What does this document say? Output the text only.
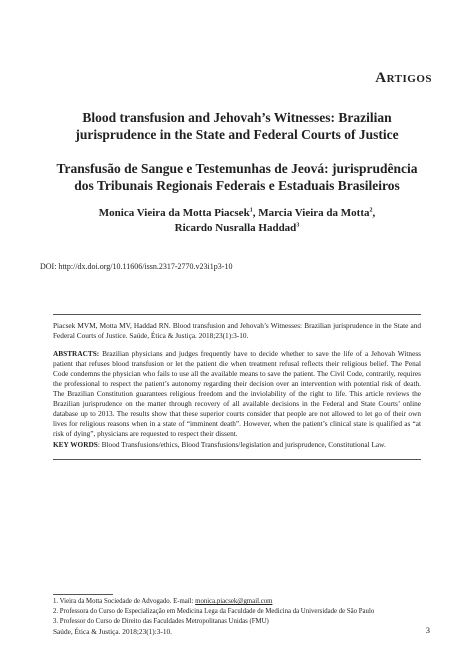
Artigos
Blood transfusion and Jehovah’s Witnesses: Brazilian
jurisprudence in the State and Federal Courts of Justice
Transfusão de Sangue e Testemunhas de Jeová: jurisprudência
dos Tribunais Regionais Federais e Estaduais Brasileiros
Monica Vieira da Motta Piacsek$^1$, Marcia Vieira da Motta$^2$,
Ricardo Nusralla Haddad$^3$
DOI: http://dx.doi.org/10.11606/issn.2317-2770.v23i1p3-10
Piacsek MVM, Motta MV, Haddad RN. Blood transfusion and Jehovah’s Witnesses: Brazilian jurisprudence in the State and Federal Courts of Justice. Saúde, Ética & Justiça. 2018;23(1):3-10.
ABSTRACTS: Brazilian physicians and judges frequently have to decide whether to save the life of a Jehovah Witness patient that refuses blood transfusion or let the patient die when treatment refusal reflects their religious belief. The Penal Code condemns the physician who fails to use all the available means to save the patient. The Civil Code, contrarily, requires the professional to respect the patient’s autonomy regarding their decision over an intervention with potential risk of death. The Brazilian Constitution guarantees religious freedom and the inviolability of the right to life. This article reviews the Brazilian jurisprudence on the matter through recovery of all available decisions in the Federal and State Courts’ online database up to 2013. The results show that these superior courts consider that people are not allowed to let go of their own lives for religious reasons when in a state of “imminent death”. However, when the patient’s clinical state is qualified as “at risk of dying”, physicians are requested to respect their dissent.
KEY WORDS: Blood Transfusions/ethics, Blood Transfusions/legislation and jurisprudence, Constitutional Law.
1. Vieira da Motta Sociedade de Advogado. E-mail: monica.piacsek@gmail.com
2. Professora do Curso de Especialização em Medicina Lega da Faculdade de Medicina da Universidade de São Paulo
3. Professor do Curso de Direito das Faculdades Metropolitanas Unidas (FMU)
Saúde, Ética & Justiça. 2018;23(1):3-10.	3
